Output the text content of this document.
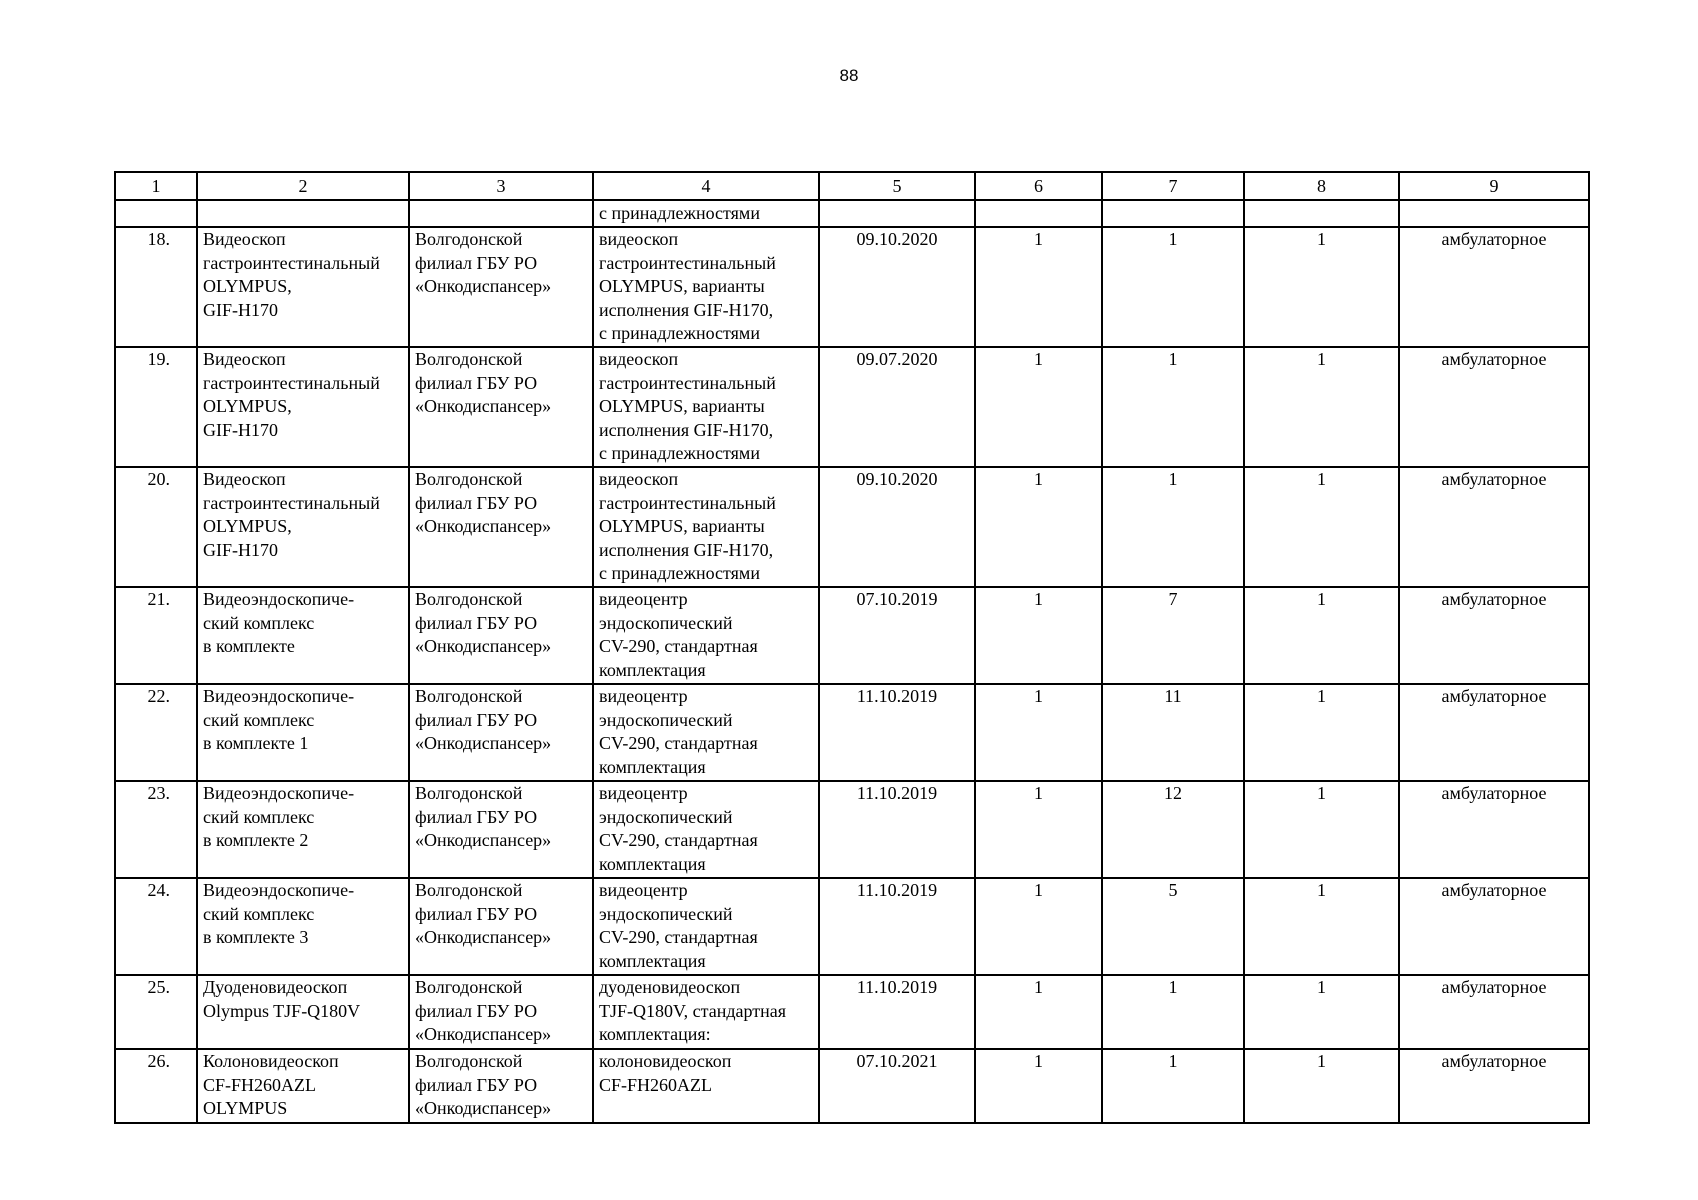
88
1	2	3	4	5	6	7	8	9
			с принадлежностями					
18.	Видеоскоп
гастроинтестинальный
OLYMPUS,
GIF-H170	Волгодонской
филиал ГБУ РО
«Онкодиспансер»	видеоскоп
гастроинтестинальный
OLYMPUS, варианты
исполнения GIF-H170,
с принадлежностями	09.10.2020	1	1	1	амбулаторное
19.	Видеоскоп
гастроинтестинальный
OLYMPUS,
GIF-H170	Волгодонской
филиал ГБУ РО
«Онкодиспансер»	видеоскоп
гастроинтестинальный
OLYMPUS, варианты
исполнения GIF-H170,
с принадлежностями	09.07.2020	1	1	1	амбулаторное
20.	Видеоскоп
гастроинтестинальный
OLYMPUS,
GIF-H170	Волгодонской
филиал ГБУ РО
«Онкодиспансер»	видеоскоп
гастроинтестинальный
OLYMPUS, варианты
исполнения GIF-H170,
с принадлежностями	09.10.2020	1	1	1	амбулаторное
21.	Видеоэндоскопиче-
ский комплекс
в комплекте	Волгодонской
филиал ГБУ РО
«Онкодиспансер»	видеоцентр
эндоскопический
CV-290, стандартная
комплектация	07.10.2019	1	7	1	амбулаторное
22.	Видеоэндоскопиче-
ский комплекс
в комплекте 1	Волгодонской
филиал ГБУ РО
«Онкодиспансер»	видеоцентр
эндоскопический
CV-290, стандартная
комплектация	11.10.2019	1	11	1	амбулаторное
23.	Видеоэндоскопиче-
ский комплекс
в комплекте 2	Волгодонской
филиал ГБУ РО
«Онкодиспансер»	видеоцентр
эндоскопический
CV-290, стандартная
комплектация	11.10.2019	1	12	1	амбулаторное
24.	Видеоэндоскопиче-
ский комплекс
в комплекте 3	Волгодонской
филиал ГБУ РО
«Онкодиспансер»	видеоцентр
эндоскопический
CV-290, стандартная
комплектация	11.10.2019	1	5	1	амбулаторное
25.	Дуоденовидеоскоп
Olympus TJF-Q180V	Волгодонской
филиал ГБУ РО
«Онкодиспансер»	дуоденовидеоскоп
TJF-Q180V, стандартная
комплектация:	11.10.2019	1	1	1	амбулаторное
26.	Колоновидеоскоп
CF-FH260AZL
OLYMPUS	Волгодонской
филиал ГБУ РО
«Онкодиспансер»	колоновидеоскоп
CF-FH260AZL	07.10.2021	1	1	1	амбулаторное
